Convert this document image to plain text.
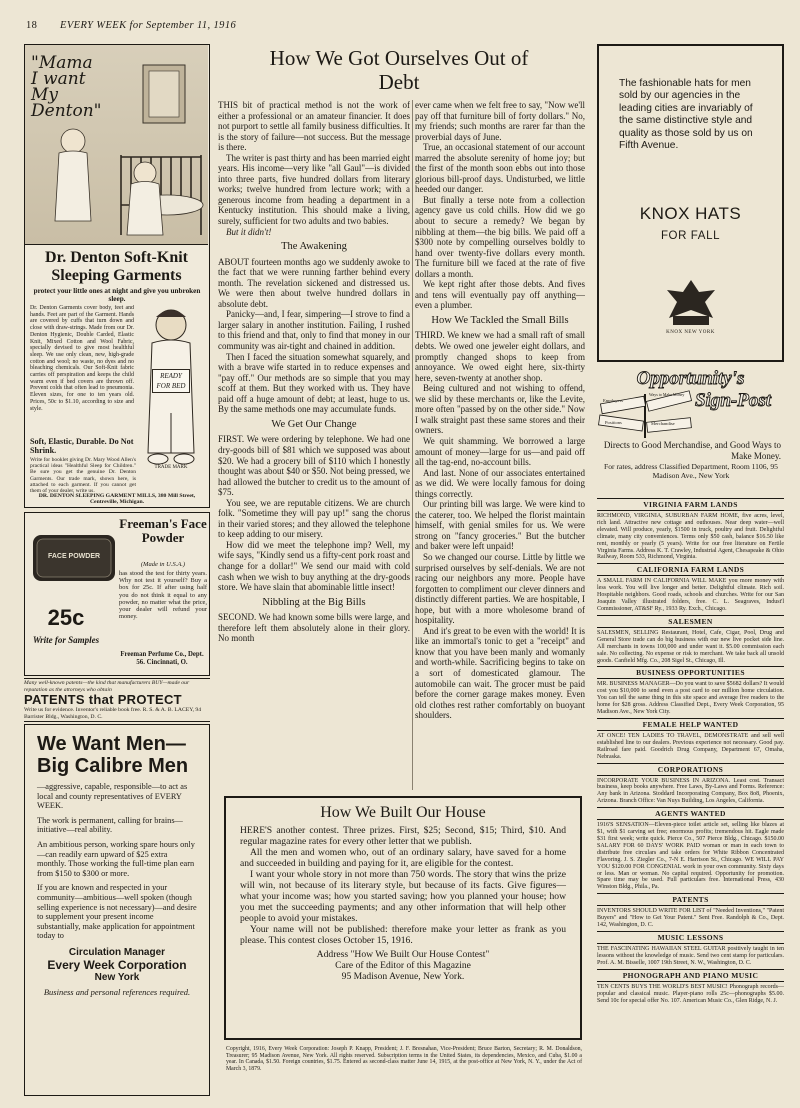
18 EVERY WEEK for September 11, 1916
"Mama I want My Denton"
Dr. Denton Soft-Knit
Sleeping Garments
protect your little ones at night and give you unbroken sleep.
Dr. Denton Garments cover body, feet and hands. Feet are part of the Garment. Hands are covered by cuffs that turn down and close with draw-strings. Made from our Dr. Denton Hygienic, Double Carded, Elastic Knit, Mixed Cotton and Wool Fabric, specially devised to give most healthful sleep. We use only clean, new, high-grade cotton and wool; no waste, no dyes and no bleaching chemicals. Our Soft-Knit fabric carries off perspiration and keeps the child warm even if bed covers are thrown off. Prevent colds that often lead to pneumonia. Eleven sizes, for one to ten years old. Prices, 50c to $1.10, according to size and style.
READY FOR BED
TRADE MARK
Soft, Elastic, Durable. Do Not Shrink.
Write for booklet giving Dr. Mary Wood Allen's practical ideas "Healthful Sleep for Children." Be sure you get the genuine Dr. Denton Garments. Our trade mark, shown here, is attached to each garment. If you cannot get them of your dealer, write us.
DR. DENTON SLEEPING GARMENT MILLS, 380 Mill Street, Centreville, Michigan.
FACE POWDER
Freeman's Face Powder
(Made in U.S.A.)
has stood the test for thirty years. Why not test it yourself? Buy a box for 25c. If after using half you do not think it equal to any powder, no matter what the price, your dealer will refund your money.
25c
Write for Samples
Freeman Perfume Co., Dept. 56. Cincinnati, O.
Many well-known patents—the kind that manufacturers BUY—made our reputation as the attorneys who obtain
PATENTS that PROTECT
Write us for evidence. Inventor's reliable book free. R. S. & A. B. LACEY, 94 Barrister Bldg., Washington, D. C.
We Want Men—
Big Calibre Men
—aggressive, capable, responsible—to act as local and county representatives of EVERY WEEK.
The work is permanent, calling for brains—initiative—real ability.
An ambitious person, working spare hours only—can readily earn upward of $25 extra monthly. Those working the full-time plan earn from $150 to $300 or more.
If you are known and respected in your community—ambitious—well spoken (though selling experience is not necessary)—and desire to supplement your present income substantially, make application for appointment today to
Circulation Manager
Every Week Corporation
New York
Business and personal references required.
How We Got Ourselves Out of Debt

THIS bit of practical method is not the work of either a professional or an amateur financier. It does not purport to settle all family business difficulties. It is the story of failure—not success. But the message is there.

The writer is past thirty and has been married eight years. His income—very like "all Gaul"—is divided into three parts, five hundred dollars from literary works; twelve hundred from lecture work; with a generous income from heading a department in a Kentucky institution. This should make a living, surely, sufficient for two adults and two babies.

But it didn't!

The Awakening

ABOUT fourteen months ago we suddenly awoke to the fact that we were running farther behind every month. The revelation sickened and distressed us. We were then about twelve hundred dollars in absolute debt.

Panicky—and, I fear, simpering—I strove to find a larger salary in another institution. Failing, I rushed to this friend and that, only to find that money in our community was air-tight and chained in addition.

Then I faced the situation somewhat squarely, and with a brave wife started in to reduce expenses and "pay off." Our methods are so simple that you may scoff at them. But they worked with us. They have paid off a huge amount of debt; at least, huge to us. By the same methods one may accumulate funds.

We Get Our Change

FIRST. We were ordering by telephone. We had one dry-goods bill of $81 which we supposed was about $20. We had a grocery bill of $110 which I honestly thought was about $40 or $50. Not being pressed, we had allowed the butcher to credit us to the amount of $75.

You see, we are reputable citizens. We are church folk. "Sometime they will pay up!" sang the chorus in their varied stores; and they allowed the telephone to keep adding to our misery.

How did we meet the telephone imp? Well, my wife says, "Kindly send us a fifty-cent pork roast and change for a dollar!" We send our maid with cold cash when we wish to buy anything at the dry-goods store. We have slain that abominable little insect!

Nibbling at the Big Bills

SECOND. We had known some bills were large, and therefore left them absolutely alone in their glory. No month

ever came when we felt free to say, "Now we'll pay off that furniture bill of forty dollars." No, my friends; such months are rarer far than the proverbial days of June.

True, an occasional statement of our account marred the absolute serenity of home joy; but the first of the month soon ebbs out into those glorious bill-proof days. Undisturbed, we little heeded our danger.

But finally a terse note from a collection agency gave us cold chills. How did we go about to secure a remedy? We began by nibbling at them—the big bills. We paid off a $300 note by compelling ourselves boldly to hand over twenty-five dollars every month. The furniture bill we faced at the rate of five dollars a month.

We kept right after those debts. And fives and tens will eventually pay off anything—even a plumber.

How We Tackled the Small Bills

THIRD. We knew we had a small raft of small debts. We owed one jeweler eight dollars, and promptly changed shops to keep from annoyance. We owed eight here, six-thirty here, seven-twenty at another shop.

Being cultured and not wishing to offend, we slid by these merchants or, like the Levite, more often "passed by on the other side." Now I walk straight past these same stores and their owners.

We quit shamming. We borrowed a large amount of money—large for us—and paid off all the tag-end, no-account bills.

And last. None of our associates entertained as we did. We were locally famous for doing things correctly.

Our printing bill was large. We were kind to the caterer, too. We helped the florist maintain himself, with genial smiles for us. We were strong on "fancy groceries." But the butcher and baker were left unpaid!

So we changed our course. Little by little we surprised ourselves by self-denials. We are not racing our neighbors any more. People have forgotten to compliment our clever dinners and distinctly different parties. We are hospitable, I hope, but with a more wholesome brand of hospitality.

And it's great to be even with the world! It is like an immortal's tonic to get a "receipt" and know that you have been manly and womanly and worth-while. Sacrificing begins to take on a sort of domesticated glamour. The automobile can wait. The grocer must be paid before the corner garage makes money. Even old clothes rest rather comfortably on buoyant shoulders.

How We Built Our House
HERE'S another contest. Three prizes. First, $25; Second, $15; Third, $10. And regular magazine rates for every other letter that we publish.
All the men and women who, out of an ordinary salary, have saved for a home and succeeded in building and paying for it, are eligible for the contest.
I want your whole story in not more than 750 words. The story that wins the prize will win, not because of its literary style, but because of its facts. Give figures—what your income was; how you started saving; how you planned your house; how you met the succeeding payments; and any other information that will help other people to avoid your mistakes.
Your name will not be published: therefore make your letter as frank as you please. This contest closes October 15, 1916.
Address "How We Built Our House Contest"
Care of the Editor of this Magazine
95 Madison Avenue, New York.
Copyright, 1916, Every Week Corporation: Joseph P. Knapp, President; J. F. Bresnahan, Vice-President; Bruce Barton, Secretary; R. M. Donaldson, Treasurer; 95 Madison Avenue, New York. All rights reserved. Subscription terms in the United States, its dependencies, Mexico, and Cuba, $1.00 a year. In Canada, $1.50. Foreign countries, $1.75. Entered as second-class matter June 14, 1915, at the post-office at New York, N. Y., under the Act of March 3, 1879.
The fashionable hats for men sold by our agencies in the leading cities are invariably of the same distinctive style and quality as those sold by us on Fifth Avenue.
KNOX HATS
FOR FALL
KNOX NEW YORK
Opportunity's
Sign-Post
Employers
Ways to Make Money
Positions	Merchandise
Directs to Good Merchandise, and Good Ways to Make Money.
For rates, address Classified Department, Room 1106, 95 Madison Ave., New York
VIRGINIA FARM LANDS
RICHMOND, VIRGINIA, SUBURBAN FARM HOME, five acres, level, rich land. Attractive new cottage and outhouses. Near deep water—well elevated. Will produce, yearly, $1500 in truck, poultry and fruit. Delightful climate, many city conveniences. Terms only $50 cash, balance $16.50 like rent, monthly or yearly (5 years). Write for our free literature on Fertile Virginia Farms. Address K. T. Crawley, Industrial Agent, Chesapeake & Ohio Railway, Room 533, Richmond, Virginia.
CALIFORNIA FARM LANDS
A SMALL FARM IN CALIFORNIA WILL MAKE you more money with less work. You will live longer and better. Delightful climate. Rich soil. Hospitable neighbors. Good roads, schools and churches. Write for our San Joaquin Valley illustrated folders, free. C. L. Seagraves, Indust'l Commissioner, AT&SF Ry., 1933 Ry. Exch., Chicago.
SALESMEN
SALESMEN, SELLING Restaurant, Hotel, Cafe, Cigar, Pool, Drug and General Store trade can do big business with our new live pocket side line. All merchants in towns 100,000 and under want it. $5.00 commission each sale. No collecting. No expense or risk to merchant. We take back all unsold goods. Canfield Mfg. Co., 208 Sigel St., Chicago, Ill.
BUSINESS OPPORTUNITIES
MR. BUSINESS MANAGER—Do you want to save $5682 dollars? It would cost you $10,000 to send even a post card to our million home circulation. You can tell the same thing in this site space and average five readers to the home for $28 gross. Address Classified Dept., Every Week Corporation, 95 Madison Ave., New York City.
FEMALE HELP WANTED
AT ONCE! TEN LADIES TO TRAVEL, DEMONSTRATE and sell well established line to our dealers. Previous experience not necessary. Good pay. Railroad fare paid. Goodrich Drug Company, Department 67, Omaha, Nebraska.
CORPORATIONS
INCORPORATE YOUR BUSINESS IN ARIZONA. Least cost. Transact business, keep books anywhere. Free Laws, By-Laws and Forms. Reference: Any bank in Arizona. Stoddard Incorporating Company, Box 8o8, Phoenix, Arizona. Branch Office: Van Nuys Building, Los Angeles, California.
AGENTS WANTED
1916'S SENSATION—Eleven-piece toilet article set, selling like blazes at $1, with $1 carving set free; enormous profits; tremendous hit. Eagle made $31 first week; write quick. Pierce Co., 507 Pierce Bldg., Chicago. $150.00 SALARY FOR 60 DAYS' WORK PAID woman or man in each town to distribute free circulars and take orders for White Ribbon Concentrated Flavoring. J. S. Ziegler Co., 7-N E. Harrison St., Chicago. WE WILL PAY YOU $120.00 FOR CONGENIAL work in your own community. Sixty days or less. Man or woman. No capital required. Opportunity for promotion. Spare time may be used. Full particulars free. International Press, 430 Winston Bldg., Phila., Pa.
PATENTS
INVENTORS SHOULD WRITE FOR LIST of "Needed Inventions," "Patent Buyers" and "How to Get Your Patent." Sent Free. Randolph & Co., Dept. 142, Washington, D. C.
MUSIC LESSONS
THE FASCINATING HAWAIIAN STEEL GUITAR positively taught in ten lessons without the knowledge of music. Send two cent stamp for particulars. Prof. A. M. Bisselle, 1007 19th Street, N. W., Washington, D. C.
PHONOGRAPH AND PIANO MUSIC
TEN CENTS BUYS THE WORLD'S BEST MUSIC! Phonograph records—popular and classical music. Player-piano rolls 25c—phonographs $5.00. Send 10c for special offer No. 107. American Music Co., Glen Ridge, N. J.
